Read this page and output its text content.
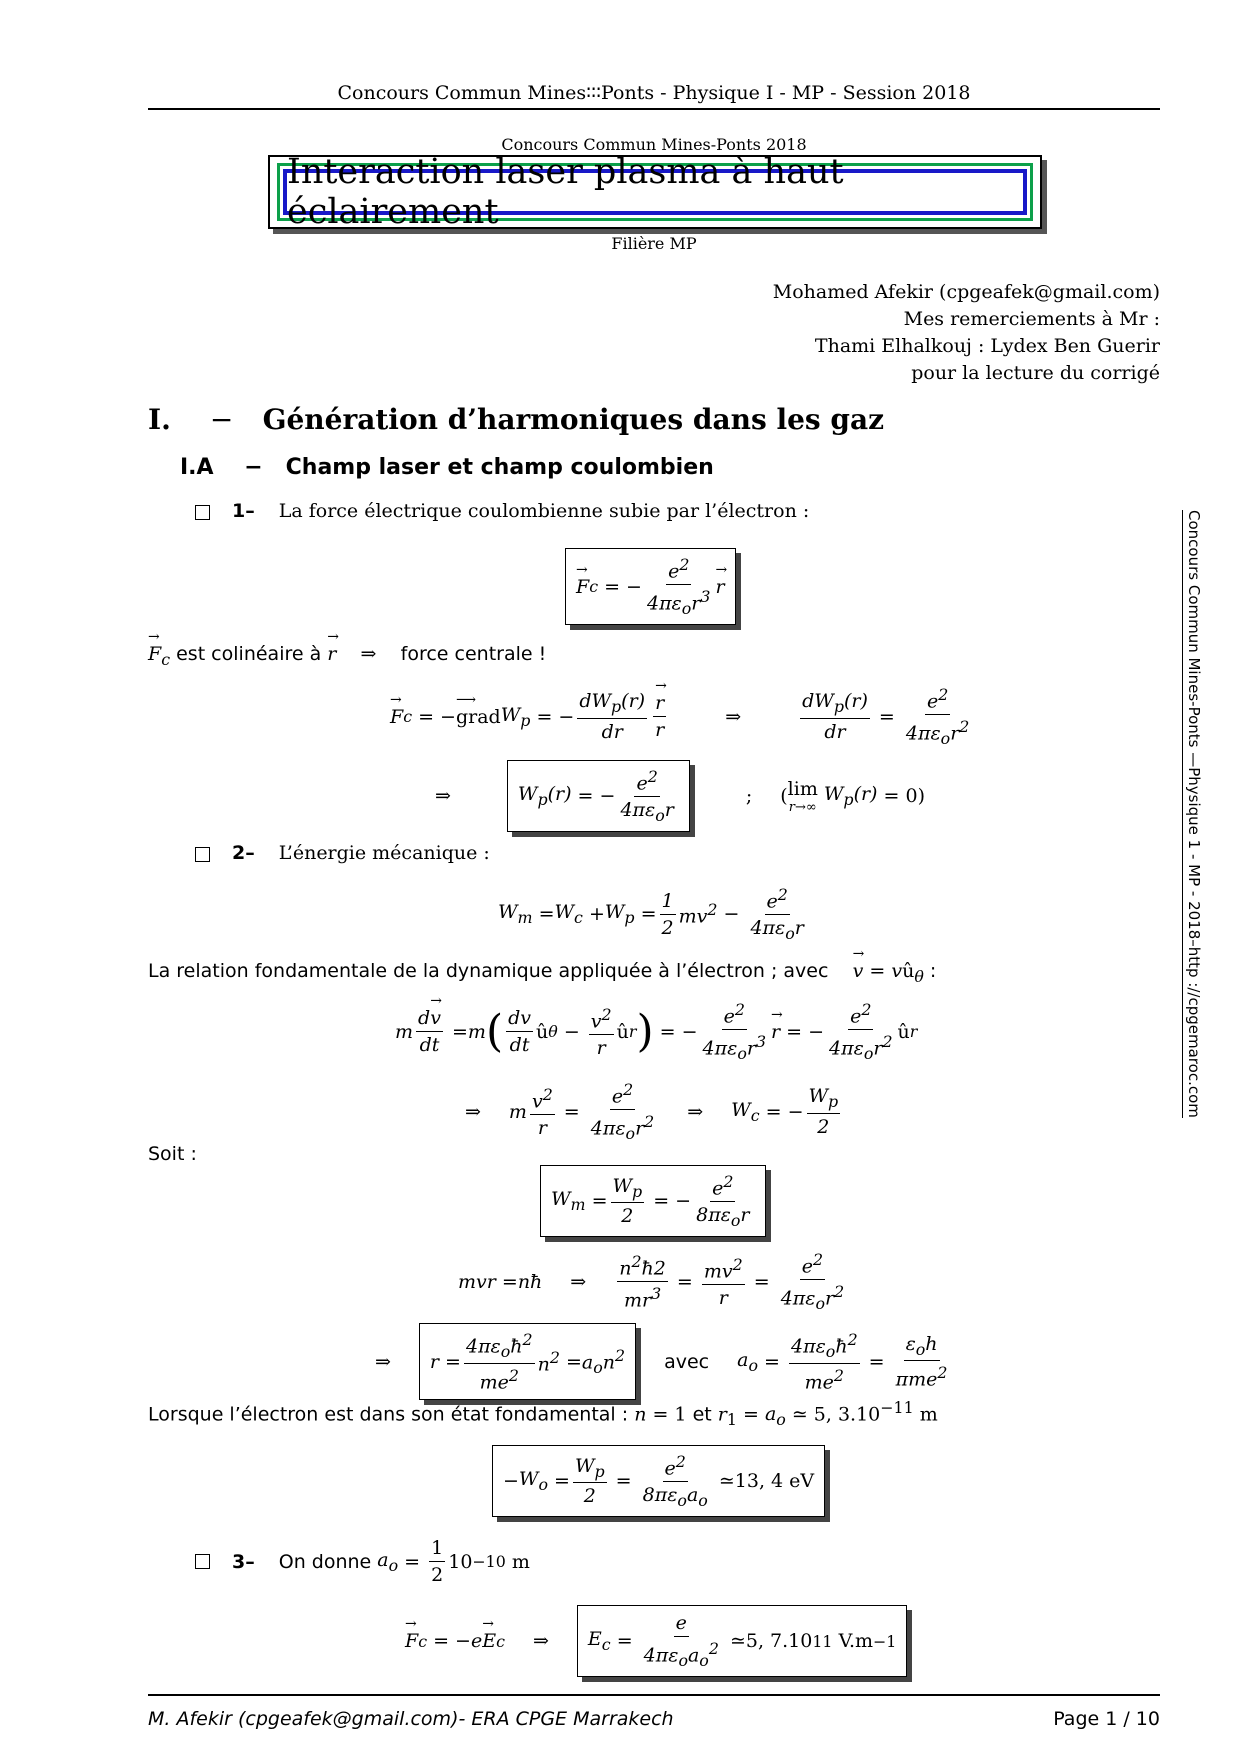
Concours Commun Mines∶∶∶Ponts - Physique I - MP - Session 2018
Concours Commun Mines-Ponts 2018
Interaction laser plasma à haut éclairement
Filière MP
Mohamed Afekir (cpgeafek@gmail.com)
Mes remerciements à Mr :
Thami Elhalkouj : Lydex Ben Guerir
pour la lecture du corrigé
I. − Génération d’harmoniques dans les gaz
I.A − Champ laser et champ coulombien
1– La force électrique coulombienne subie par l’électron :
→ F c = − $\frac{e^2}{4\pi\varepsilon_or^3}$
→ r
→ $F_c$ est colinéaire à → r    ⇒    force centrale !
→ F c = − grad
⟶
$W_p$ = − $\frac{dW_p(r)}{dr}$
→ $\frac{r}{r}$	⇒	$\frac{dW_p(r)}{dr} = \frac{e^2}{4\pi\varepsilon_or^2}$
⇒	$W_p(r)$ = − $\frac{e^2}{4\pi\varepsilon_or}$	; ( lim
r→∞

$W_p(r) = 0$)
2– L’énergie mécanique :
$W_m = W_c + W_p = \frac{1}{2} mv^2 - \frac{e^2}{4\pi\varepsilon_or}$
La relation fondamentale de la dynamique appliquée à l’électron ; avec    → $v = vû_\theta$ :
m $\frac{d\to v}{dt} = m$ ( $\frac{dv}{dt}$ û $\theta - \frac{v^2}{r}$ û r ) = − $\frac{e^2}{4\pi\varepsilon_or^3}$
→ r = − $\frac{e^2}{4\pi\varepsilon_or^2}$ û r
⇒ m $\frac{v^2}{r} = \frac{e^2}{4\pi\varepsilon_or^2}$ ⇒ $W_c$ = − $\frac{W_p}{2}$
Soit :
$W_m = \frac{W_p}{2}$ = − $\frac{e^2}{8\pi\varepsilon_or}$
mvr = nħ ⇒ $\frac{n^2ħ2}{mr^3} = \frac{mv^2}{r} = \frac{e^2}{4\pi\varepsilon_or^2}$
⇒ $r = \frac{4\pi\varepsilon_oħ^2}{me^2} n^2 = a_on^2$ avec $a_o = \frac{4\pi\varepsilon_oħ^2}{me^2} = \frac{\varepsilon_oh}{\pi me^2}$
Lorsque l’électron est dans son état fondamental : n = 1 et $r_1 = a_o$ ≃ 5, $3.10^{-11}$ m
− $W_o = \frac{W_p}{2} = \frac{e^2}{8\pi\varepsilon_oa_o}$ ≃ 13, 4 eV
3– On donne
$a_o = \frac{1}{2} 10 -10$ m
→ F c = − e
→ E c ⇒ $E_c = \frac{e}{4\pi\varepsilon_oa_o^2}$ ≃ 5, 7.10 11
V.m −1
Concours Commun Mines-Ponts —Physique 1 - MP - 2018–http ://cpgemaroc.com
M. Afekir (cpgeafek@gmail.com)- ERA CPGE Marrakech	Page 1 / 10
